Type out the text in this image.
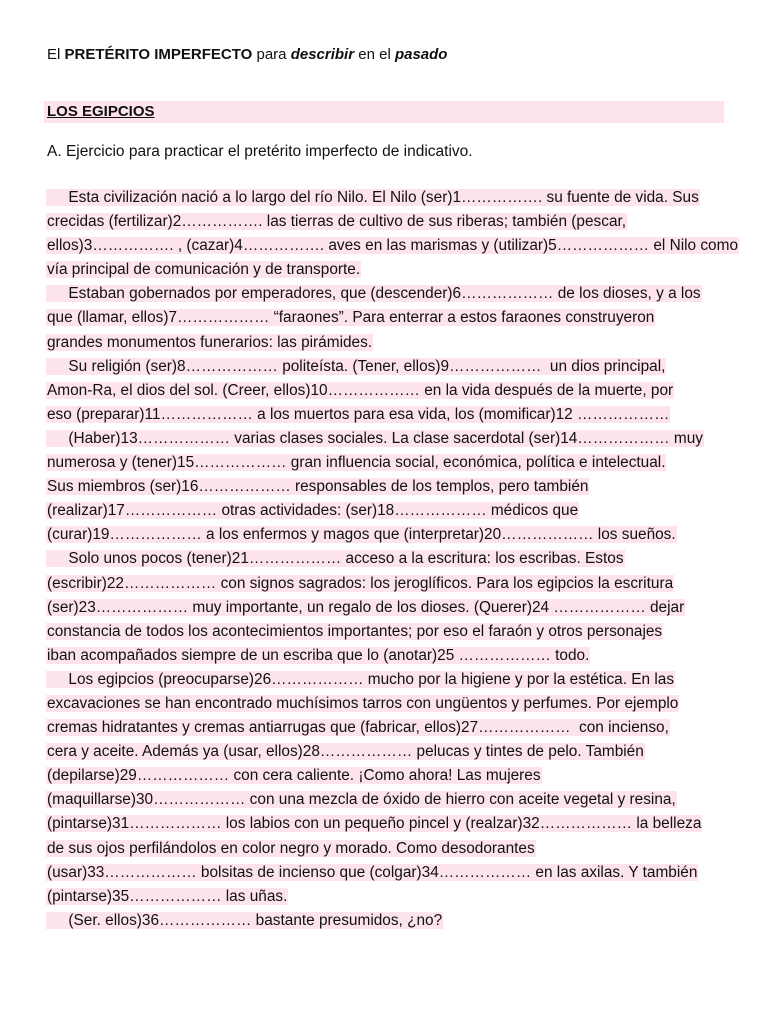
El PRETÉRITO IMPERFECTO para describir en el pasado
LOS EGIPCIOS
A. Ejercicio para practicar el pretérito imperfecto de indicativo.
Esta civilización nació a lo largo del río Nilo. El Nilo (ser)1……………. su fuente de vida. Sus
crecidas (fertilizar)2……………. las tierras de cultivo de sus riberas; también (pescar,
ellos)3……………. , (cazar)4……………. aves en las marismas y (utilizar)5……………… el Nilo como
vía principal de comunicación y de transporte.
Estaban gobernados por emperadores, que (descender)6……………… de los dioses, y a los
que (llamar, ellos)7……………… “faraones”. Para enterrar a estos faraones construyeron
grandes monumentos funerarios: las pirámides.
Su religión (ser)8……………… politeísta. (Tener, ellos)9………………  un dios principal,
Amon-Ra, el dios del sol. (Creer, ellos)10……………… en la vida después de la muerte, por
eso (preparar)11……………… a los muertos para esa vida, los (momificar)12 ………………
(Haber)13……………… varias clases sociales. La clase sacerdotal (ser)14……………… muy
numerosa y (tener)15……………… gran influencia social, económica, política e intelectual.
Sus miembros (ser)16……………… responsables de los templos, pero también
(realizar)17……………… otras actividades: (ser)18……………… médicos que
(curar)19……………… a los enfermos y magos que (interpretar)20……………… los sueños.
Solo unos pocos (tener)21……………… acceso a la escritura: los escribas. Estos
(escribir)22……………… con signos sagrados: los jeroglíficos. Para los egipcios la escritura
(ser)23……………… muy importante, un regalo de los dioses. (Querer)24 ……………… dejar
constancia de todos los acontecimientos importantes; por eso el faraón y otros personajes
iban acompañados siempre de un escriba que lo (anotar)25 ……………… todo.
Los egipcios (preocuparse)26……………… mucho por la higiene y por la estética. En las
excavaciones se han encontrado muchísimos tarros con ungüentos y perfumes. Por ejemplo
cremas hidratantes y cremas antiarrugas que (fabricar, ellos)27………………  con incienso,
cera y aceite. Además ya (usar, ellos)28……………… pelucas y tintes de pelo. También
(depilarse)29……………… con cera caliente. ¡Como ahora! Las mujeres
(maquillarse)30……………… con una mezcla de óxido de hierro con aceite vegetal y resina,
(pintarse)31……………… los labios con un pequeño pincel y (realzar)32……………… la belleza
de sus ojos perfilándolos en color negro y morado. Como desodorantes
(usar)33……………… bolsitas de incienso que (colgar)34……………… en las axilas. Y también
(pintarse)35……………… las uñas.
(Ser. ellos)36……………… bastante presumidos, ¿no?
